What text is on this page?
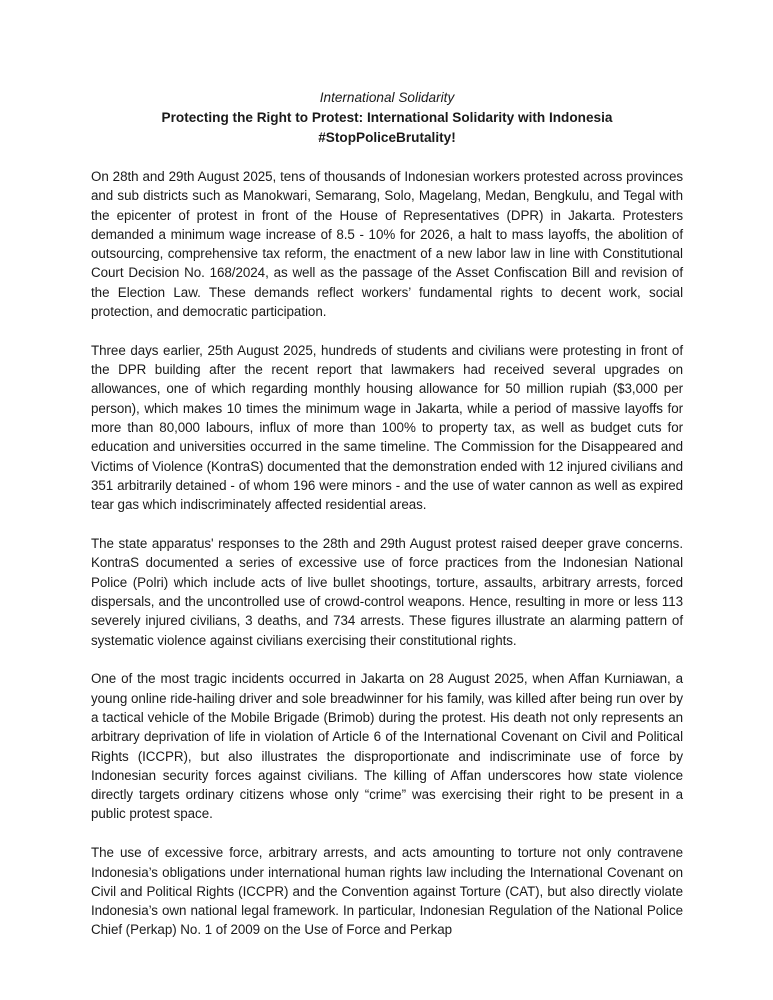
International Solidarity

Protecting the Right to Protest: International Solidarity with Indonesia

#StopPoliceBrutality!

On 28th and 29th August 2025, tens of thousands of Indonesian workers protested across provinces and sub districts such as Manokwari, Semarang, Solo, Magelang, Medan, Bengkulu, and Tegal with the epicenter of protest in front of the House of Representatives (DPR) in Jakarta. Protesters demanded a minimum wage increase of 8.5 - 10% for 2026, a halt to mass layoffs, the abolition of outsourcing, comprehensive tax reform, the enactment of a new labor law in line with Constitutional Court Decision No. 168/2024, as well as the passage of the Asset Confiscation Bill and revision of the Election Law. These demands reflect workers’ fundamental rights to decent work, social protection, and democratic participation.

Three days earlier, 25th August 2025, hundreds of students and civilians were protesting in front of the DPR building after the recent report that lawmakers had received several upgrades on allowances, one of which regarding monthly housing allowance for 50 million rupiah ($3,000 per person), which makes 10 times the minimum wage in Jakarta, while a period of massive layoffs for more than 80,000 labours, influx of more than 100% to property tax, as well as budget cuts for education and universities occurred in the same timeline. The Commission for the Disappeared and Victims of Violence (KontraS) documented that the demonstration ended with 12 injured civilians and 351 arbitrarily detained - of whom 196 were minors - and the use of water cannon as well as expired tear gas which indiscriminately affected residential areas.

The state apparatus' responses to the 28th and 29th August protest raised deeper grave concerns. KontraS documented a series of excessive use of force practices from the Indonesian National Police (Polri) which include acts of live bullet shootings, torture, assaults, arbitrary arrests, forced dispersals, and the uncontrolled use of crowd-control weapons. Hence, resulting in more or less 113 severely injured civilians, 3 deaths, and 734 arrests. These figures illustrate an alarming pattern of systematic violence against civilians exercising their constitutional rights.

One of the most tragic incidents occurred in Jakarta on 28 August 2025, when Affan Kurniawan, a young online ride-hailing driver and sole breadwinner for his family, was killed after being run over by a tactical vehicle of the Mobile Brigade (Brimob) during the protest. His death not only represents an arbitrary deprivation of life in violation of Article 6 of the International Covenant on Civil and Political Rights (ICCPR), but also illustrates the disproportionate and indiscriminate use of force by Indonesian security forces against civilians. The killing of Affan underscores how state violence directly targets ordinary citizens whose only “crime” was exercising their right to be present in a public protest space.

The use of excessive force, arbitrary arrests, and acts amounting to torture not only contravene Indonesia’s obligations under international human rights law including the International Covenant on Civil and Political Rights (ICCPR) and the Convention against Torture (CAT), but also directly violate Indonesia’s own national legal framework. In particular, Indonesian Regulation of the National Police Chief (Perkap) No. 1 of 2009 on the Use of Force and Perkap
